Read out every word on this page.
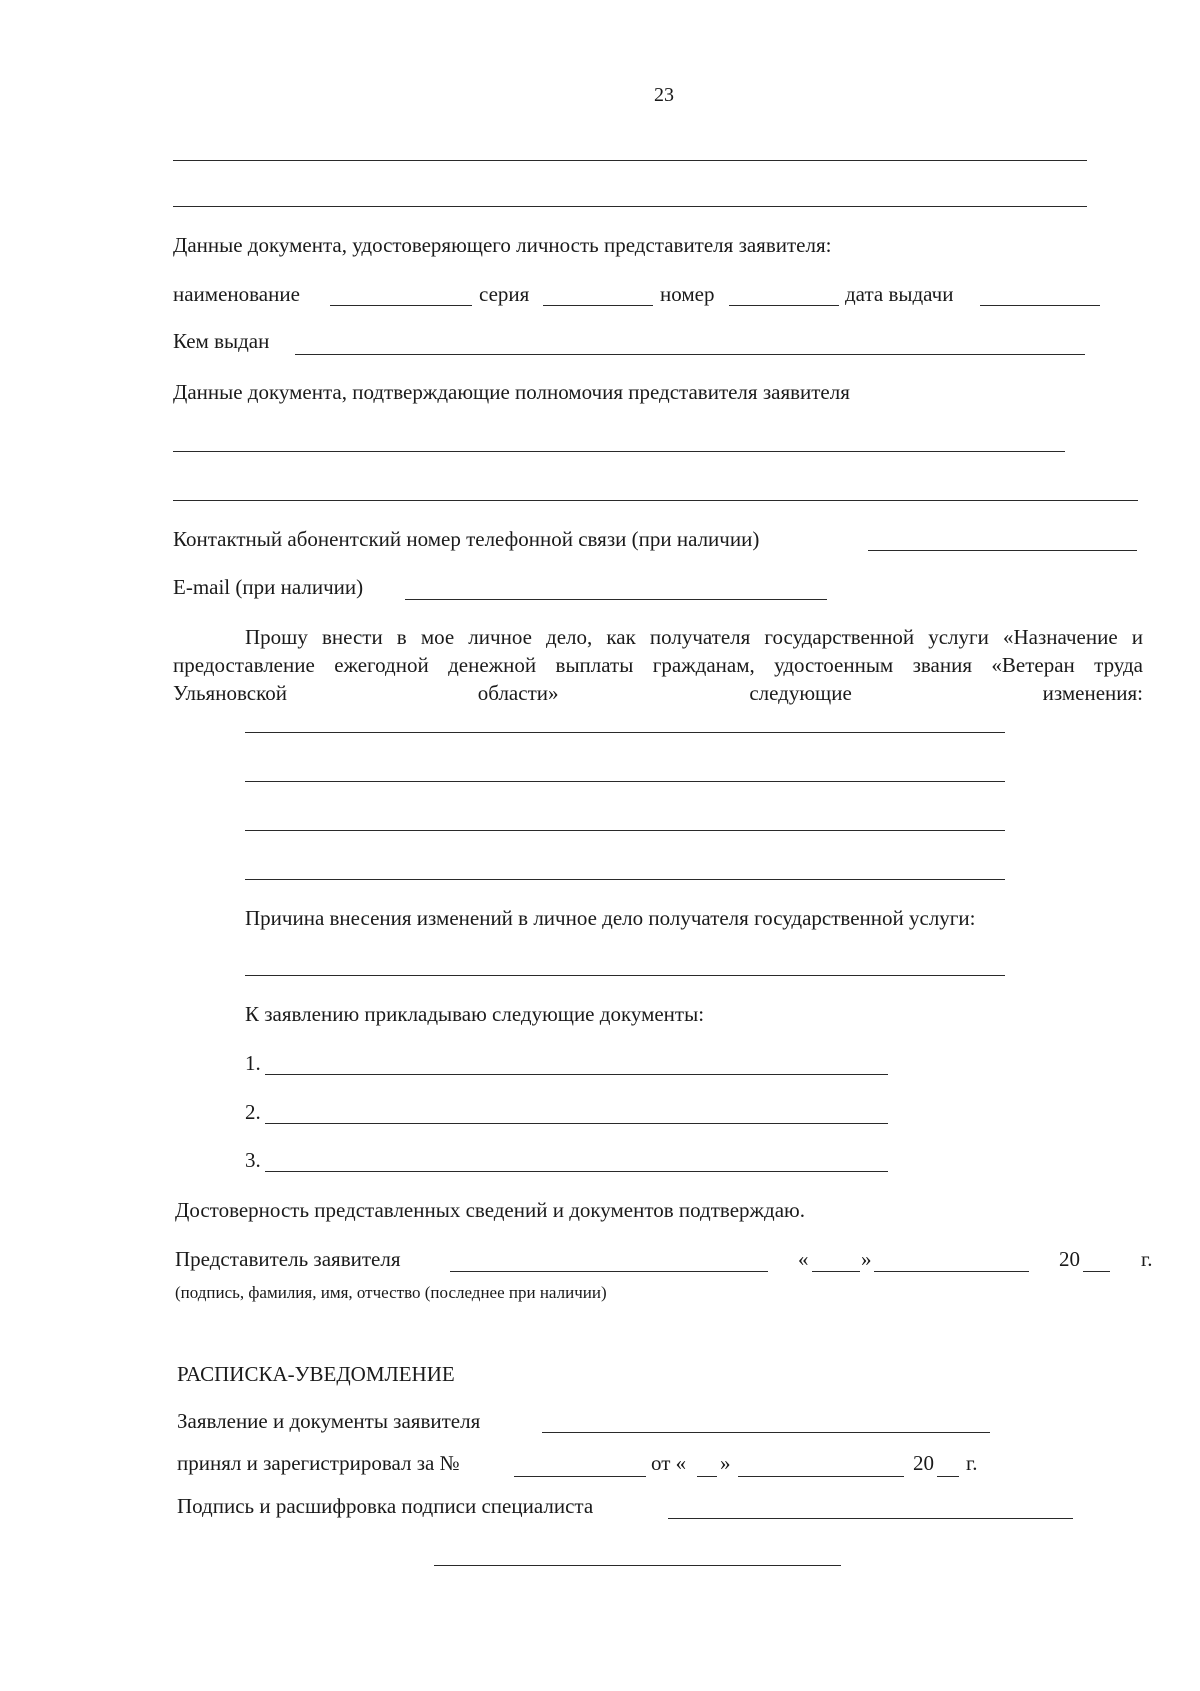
23
Данные документа, удостоверяющего личность представителя заявителя:
наименование	серия	номер	дата выдачи
Кем выдан
Данные документа, подтверждающие полномочия представителя заявителя
Контактный абонентский номер телефонной связи (при наличии)
E-mail (при наличии)
Прошу внести в мое личное дело, как получателя государственной услуги «Назначение и предоставление ежегодной денежной выплаты гражданам, удостоенным звания «Ветеран труда Ульяновской области» следующие изменения:
Причина внесения изменений в личное дело получателя государственной услуги:
К заявлению прикладываю следующие документы:
1.
2.
3.
Достоверность представленных сведений и документов подтверждаю.
Представитель заявителя	«	»	20	г.
(подпись, фамилия, имя, отчество (последнее при наличии)
РАСПИСКА-УВЕДОМЛЕНИЕ
Заявление и документы заявителя
принял и зарегистрировал за №	от « »	20 г.
Подпись и расшифровка подписи специалиста
